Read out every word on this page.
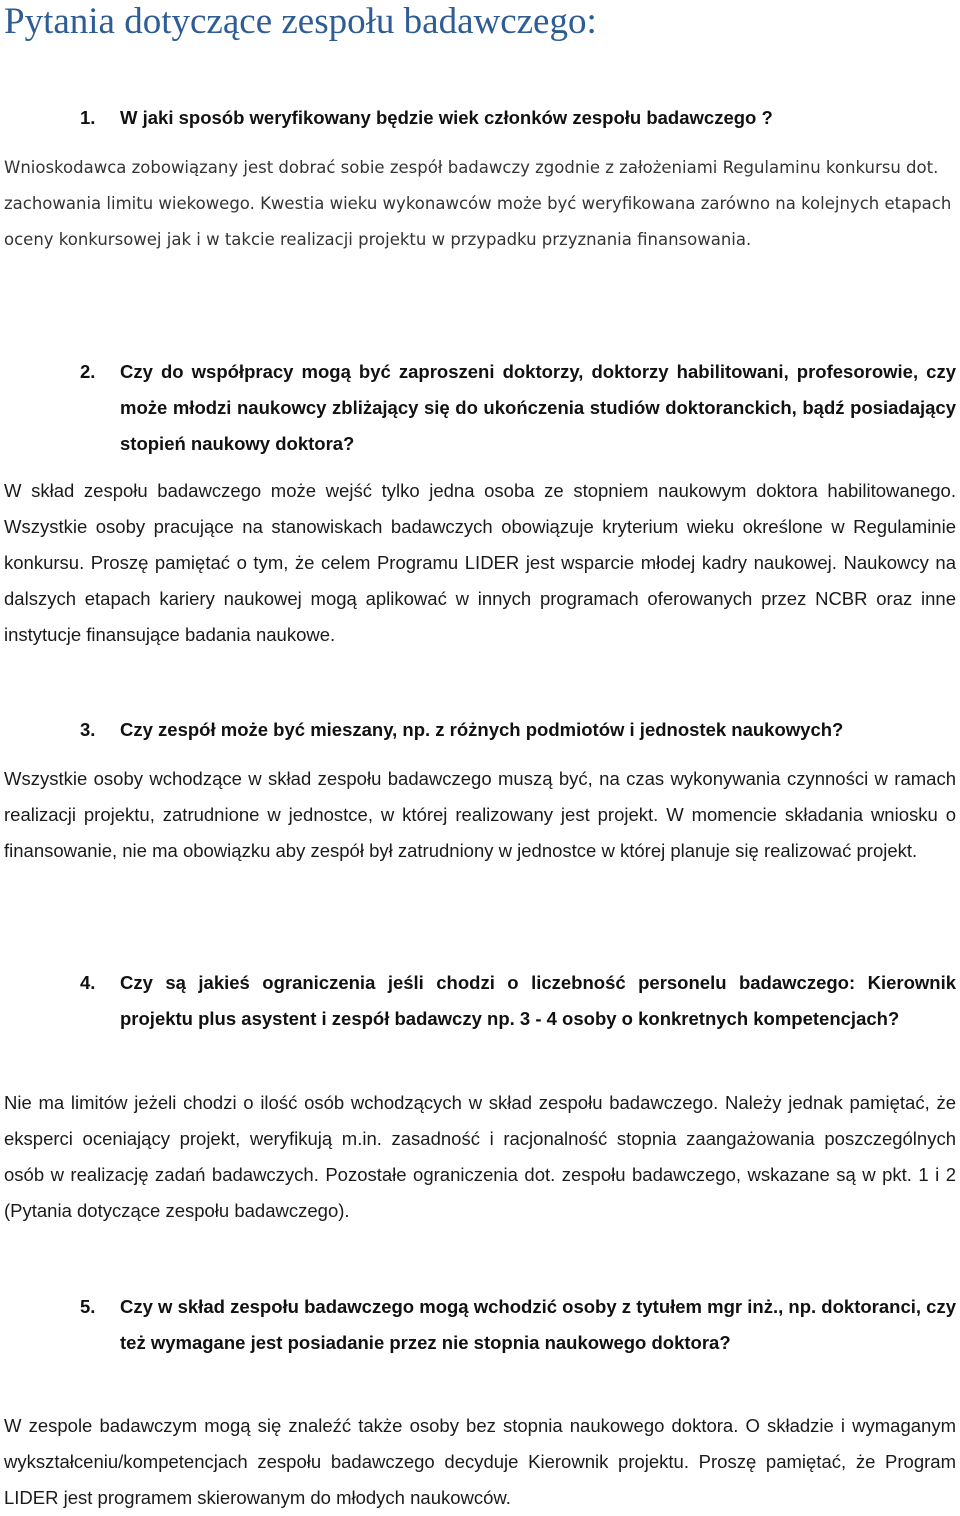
Pytania dotyczące zespołu badawczego:
1.	W jaki sposób weryfikowany będzie wiek członków zespołu badawczego ?
Wnioskodawca zobowiązany jest dobrać sobie zespół badawczy zgodnie z założeniami Regulaminu konkursu dot. zachowania limitu wiekowego. Kwestia wieku wykonawców może być weryfikowana zarówno na kolejnych etapach oceny konkursowej jak i w takcie realizacji projektu w przypadku przyznania finansowania.
2.	Czy do współpracy mogą być zaproszeni doktorzy, doktorzy habilitowani, profesorowie, czy może młodzi naukowcy zbliżający się do ukończenia studiów doktoranckich, bądź posiadający stopień naukowy doktora?
W skład zespołu badawczego może wejść tylko jedna osoba ze stopniem naukowym doktora habilitowanego. Wszystkie osoby pracujące na stanowiskach badawczych obowiązuje kryterium wieku określone w Regulaminie konkursu. Proszę pamiętać o tym, że celem Programu LIDER jest wsparcie młodej kadry naukowej. Naukowcy na dalszych etapach kariery naukowej mogą aplikować w innych programach oferowanych przez NCBR oraz inne instytucje finansujące badania naukowe.
3.	Czy zespół może być mieszany, np. z różnych podmiotów i jednostek naukowych?
Wszystkie osoby wchodzące w skład zespołu badawczego muszą być, na czas wykonywania czynności w ramach realizacji projektu, zatrudnione w jednostce, w której realizowany jest projekt. W momencie składania wniosku o finansowanie, nie ma obowiązku aby zespół był zatrudniony w jednostce w której planuje się realizować projekt.
4.	Czy są jakieś ograniczenia jeśli chodzi o liczebność personelu badawczego: Kierownik projektu plus asystent i zespół badawczy np. 3 - 4 osoby o konkretnych kompetencjach?
Nie ma limitów jeżeli chodzi o ilość osób wchodzących w skład zespołu badawczego. Należy jednak pamiętać, że eksperci oceniający projekt, weryfikują m.in. zasadność i racjonalność stopnia zaangażowania poszczególnych osób w realizację zadań badawczych. Pozostałe ograniczenia dot. zespołu badawczego, wskazane są w pkt. 1 i 2 (Pytania dotyczące zespołu badawczego).
5.	Czy w skład zespołu badawczego mogą wchodzić osoby z tytułem mgr inż., np. doktoranci, czy też wymagane jest posiadanie przez nie stopnia naukowego doktora?
W zespole badawczym mogą się znaleźć także osoby bez stopnia naukowego doktora. O składzie i wymaganym wykształceniu/kompetencjach zespołu badawczego decyduje Kierownik projektu. Proszę pamiętać, że Program LIDER jest programem skierowanym do młodych naukowców.
